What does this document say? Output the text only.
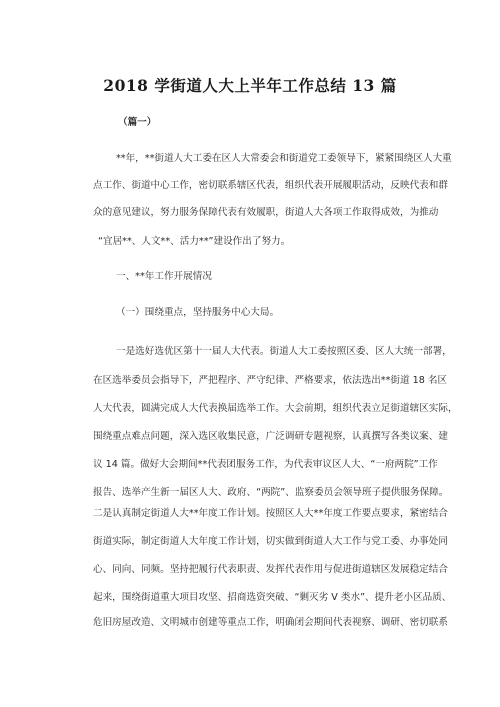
2018 学街道人大上半年工作总结 13 篇
（篇一）
**年，**街道人大工委在区人大常委会和街道党工委领导下，紧紧围绕区人大重
点工作、街道中心工作，密切联系辖区代表，组织代表开展履职活动，反映代表和群
众的意见建议，努力服务保障代表有效履职，街道人大各项工作取得成效，为推动
“宜居**、人文**、活力**”建设作出了努力。
一、**年工作开展情况
（一）围绕重点，坚持服务中心大局。
一是选好选优区第十一届人大代表。街道人大工委按照区委、区人大统一部署，
在区选举委员会指导下，严把程序、严守纪律、严格要求，依法选出**街道 18 名区
人大代表，圆满完成人大代表换届选举工作。大会前期，组织代表立足街道辖区实际，
围绕重点难点问题，深入选区收集民意，广泛调研专题视察，认真撰写各类议案、建
议 14 篇。做好大会期间**代表团服务工作，为代表审议区人大、“一府两院”工作
报告、选举产生新一届区人大、政府、“两院”、监察委员会领导班子提供服务保障。
二是认真制定街道人大**年度工作计划。按照区人大**年度工作要点要求，紧密结合
街道实际，制定街道人大年度工作计划，切实做到街道人大工作与党工委、办事处同
心、同向、同频。坚持把履行代表职责、发挥代表作用与促进街道辖区发展稳定结合
起来，围绕街道重大项目攻坚、招商选资突破、“剿灭劣 V 类水”、提升老小区品质、
危旧房屋改造、文明城市创建等重点工作，明确闭会期间代表视察、调研、密切联系
